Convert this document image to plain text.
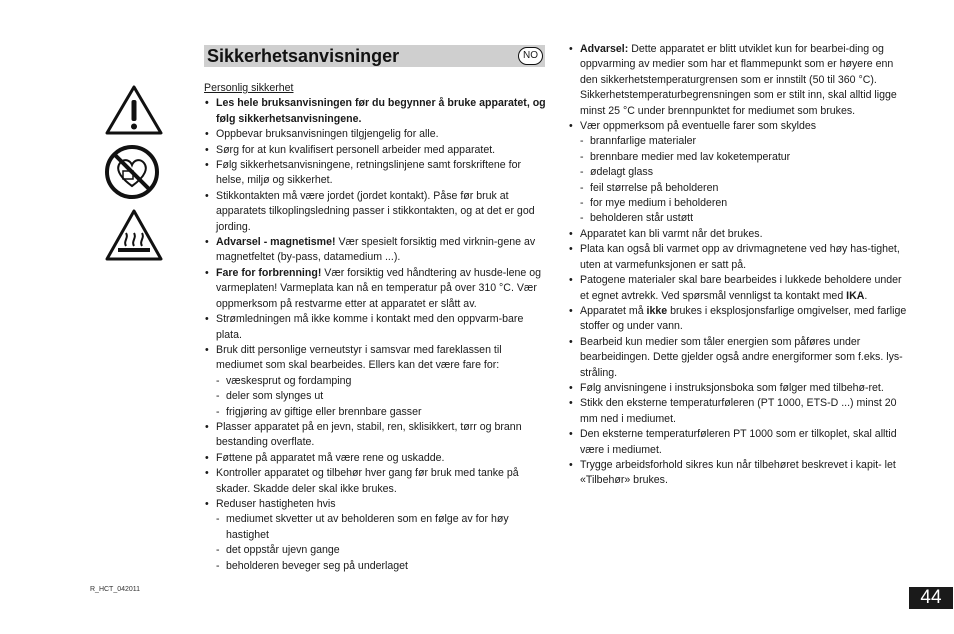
Sikkerhetsanvisninger	NO

Personlig sikkerhet

• Les hele bruksanvisningen før du begynner å bruke apparatet, og følg sikkerhetsanvisningene.
• Oppbevar bruksanvisningen tilgjengelig for alle.
• Sørg for at kun kvalifisert personell arbeider med apparatet.
• Følg sikkerhetsanvisningene, retningslinjene samt forskriftene for helse, miljø og sikkerhet.
• Stikkontakten må være jordet (jordet kontakt). Påse før bruk at apparatets tilkoplingsledning passer i stikkontakten, og at det er god jording.
• Advarsel - magnetisme! Vær spesielt forsiktig med virknin-gene av magnetfeltet (by-pass, datamedium ...).
• Fare for forbrenning! Vær forsiktig ved håndtering av husde-lene og varmeplaten! Varmeplata kan nå en temperatur på over 310 °C. Vær oppmerksom på restvarme etter at apparatet er slått av.
• Strømledningen må ikke komme i kontakt med den oppvarm-bare plata.
• Bruk ditt personlige verneutstyr i samsvar med fareklassen til mediumet som skal bearbeides. Ellers kan det være fare for:
- væskesprut og fordamping
- deler som slynges ut
- frigjøring av giftige eller brennbare gasser
• Plasser apparatet på en jevn, stabil, ren, sklisikkert, tørr og brann bestanding overflate.
• Føttene på apparatet må være rene og uskadde.
• Kontroller apparatet og tilbehør hver gang før bruk med tanke på skader. Skadde deler skal ikke brukes.
• Reduser hastigheten hvis
- mediumet skvetter ut av beholderen som en følge av for høy hastighet
- det oppstår ujevn gange
- beholderen beveger seg på underlaget
• Advarsel: Dette apparatet er blitt utviklet kun for bearbei-ding og oppvarming av medier som har et flammepunkt som er høyere enn den sikkerhetstemperaturgrensen som er innstilt (50 til 360 °C).
Sikkerhetstemperaturbegrensningen som er stilt inn, skal alltid ligge minst 25 °C under brennpunktet for mediumet som brukes.
• Vær oppmerksom på eventuelle farer som skyldes
- brannfarlige materialer
- brennbare medier med lav koketemperatur
- ødelagt glass
- feil størrelse på beholderen
- for mye medium i beholderen
- beholderen står ustøtt
• Apparatet kan bli varmt når det brukes.
• Plata kan også bli varmet opp av drivmagnetene ved høy has-tighet, uten at varmefunksjonen er satt på.
• Patogene materialer skal bare bearbeides i lukkede beholdere under et egnet avtrekk. Ved spørsmål vennligst ta kontakt med IKA.
• Apparatet må ikke brukes i eksplosjonsfarlige omgivelser, med farlige stoffer og under vann.
• Bearbeid kun medier som tåler energien som påføres under bearbeidingen. Dette gjelder også andre energiformer som f.eks. lys- stråling.
• Følg anvisningene i instruksjonsboka som følger med tilbehø-ret.
• Stikk den eksterne temperaturføleren (PT 1000, ETS-D ...) minst 20 mm ned i mediumet.
• Den eksterne temperaturføleren PT 1000 som er tilkoplet, skal alltid være i mediumet.
• Trygge arbeidsforhold sikres kun når tilbehøret beskrevet i kapit- let «Tilbehør» brukes.
R_HCT_042011	44
